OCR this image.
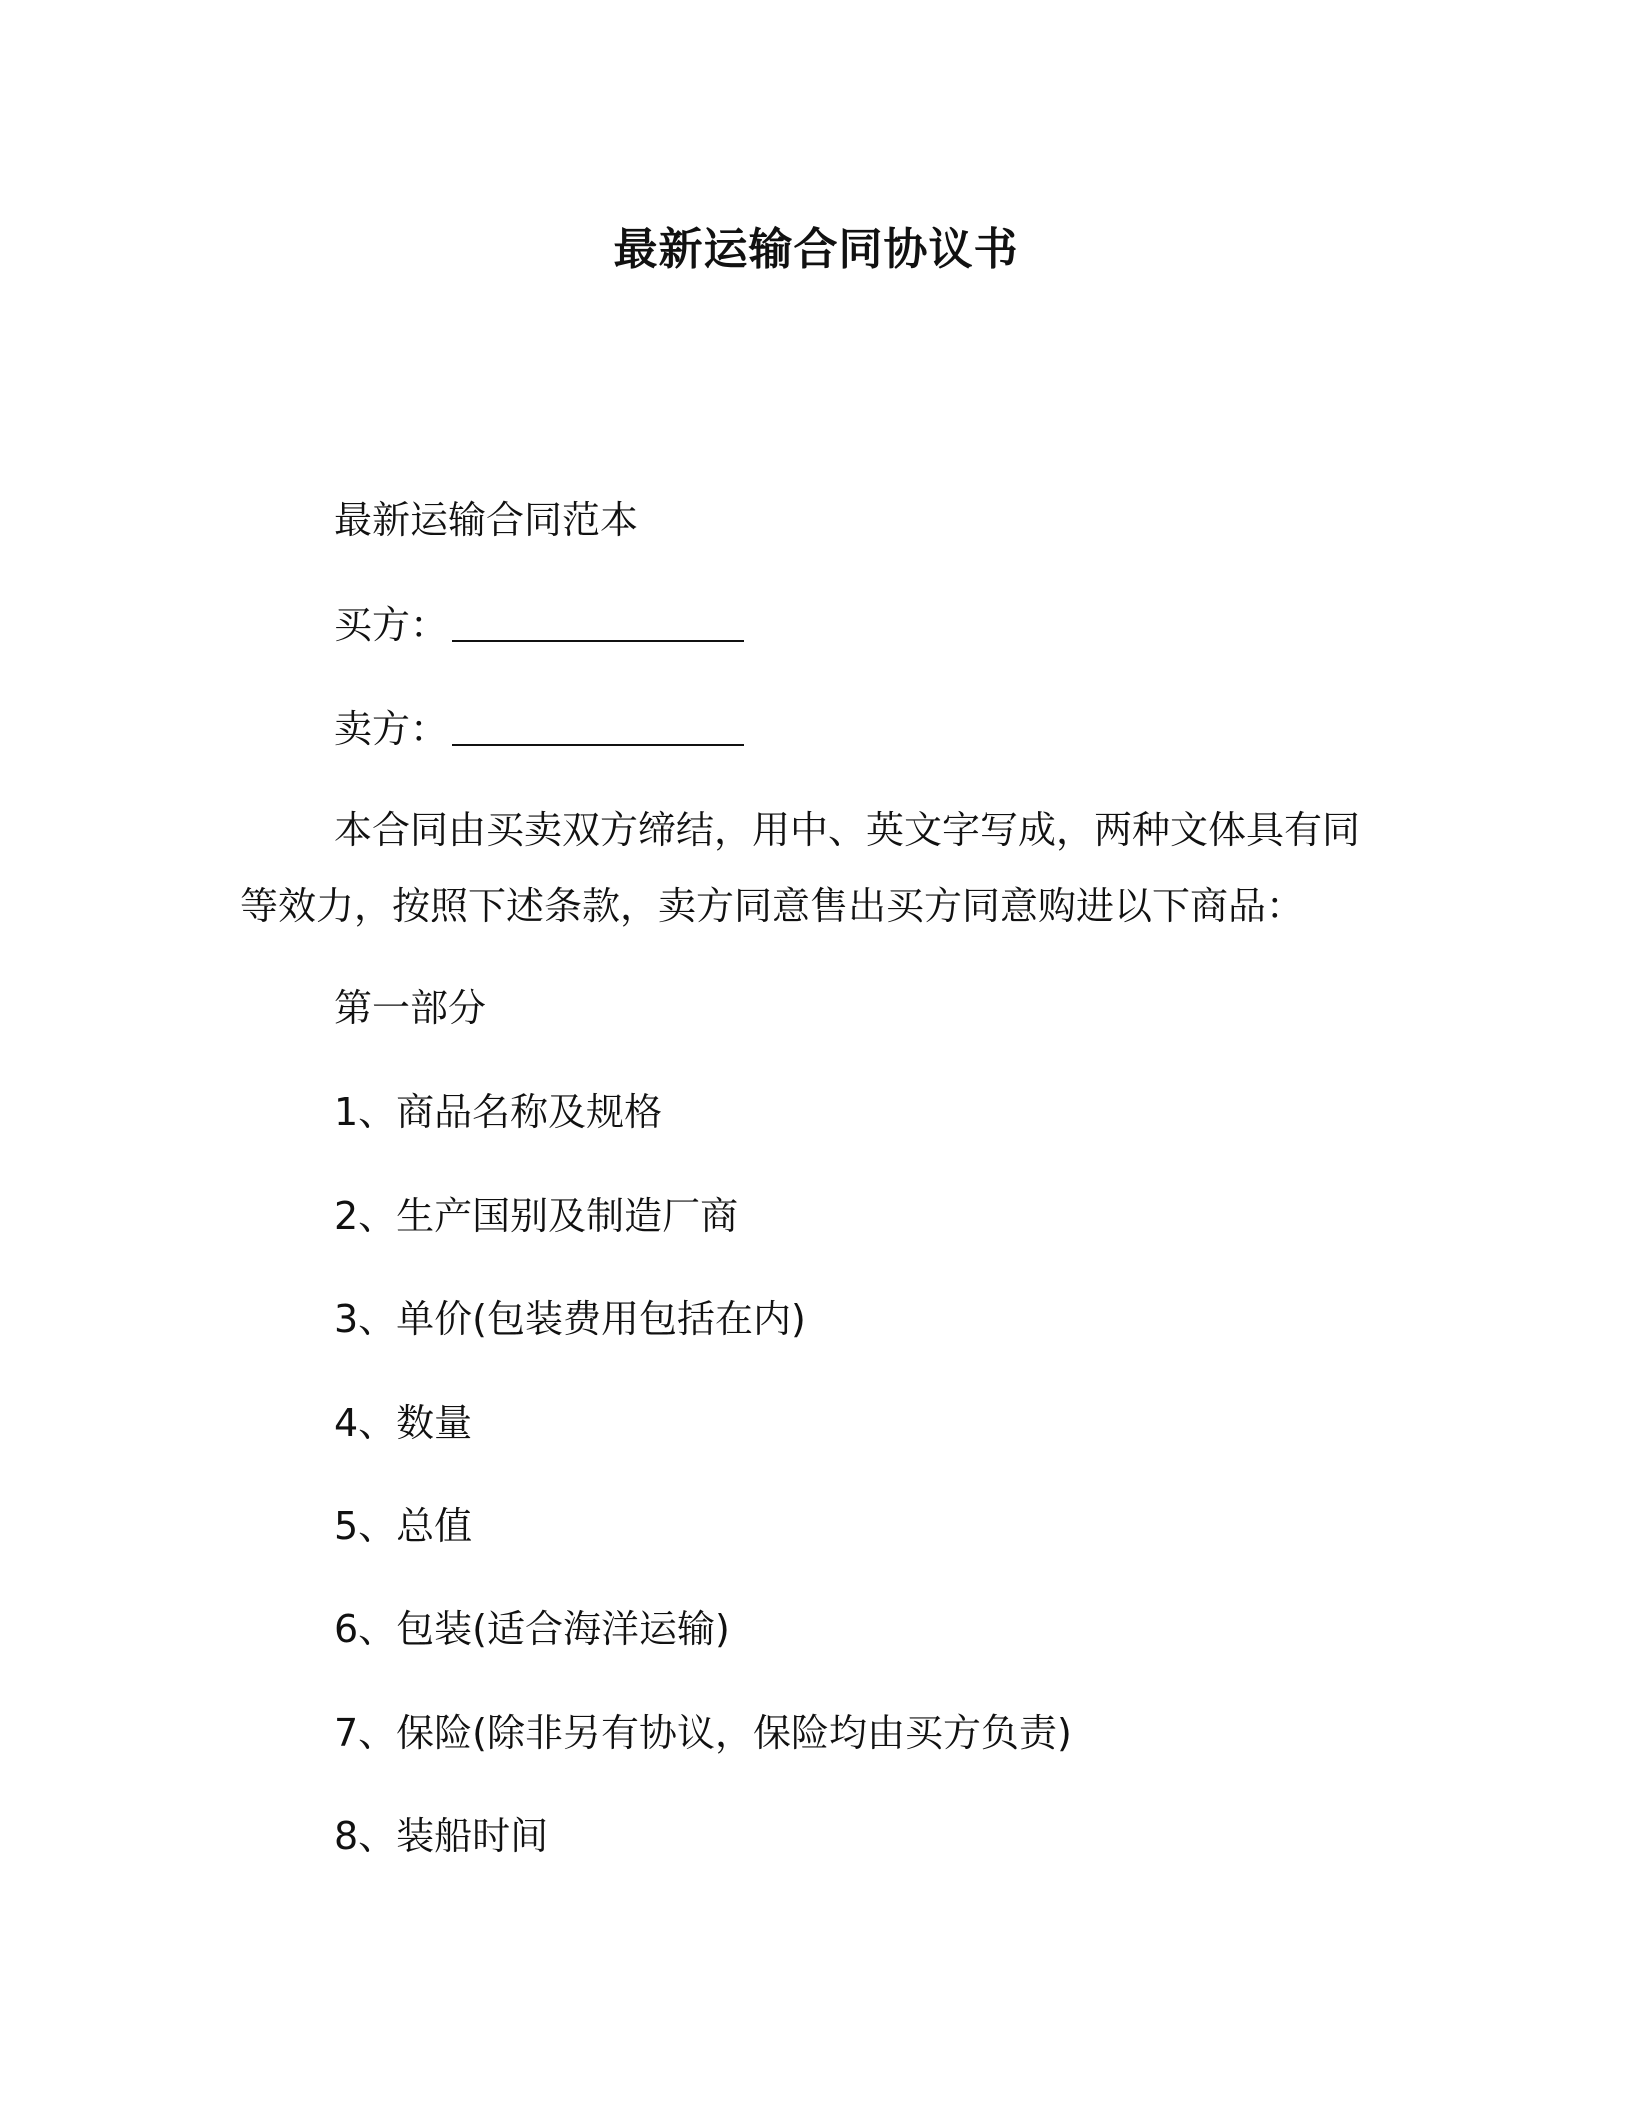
最新运输合同协议书
最新运输合同范本
买方：
卖方：
本合同由买卖双方缔结，用中、英文字写成，两种文体具有同等效力，按照下述条款，卖方同意售出买方同意购进以下商品：
第一部分
1、商品名称及规格
2、生产国别及制造厂商
3、单价(包装费用包括在内)
4、数量
5、总值
6、包装(适合海洋运输)
7、保险(除非另有协议，保险均由买方负责)
8、装船时间
